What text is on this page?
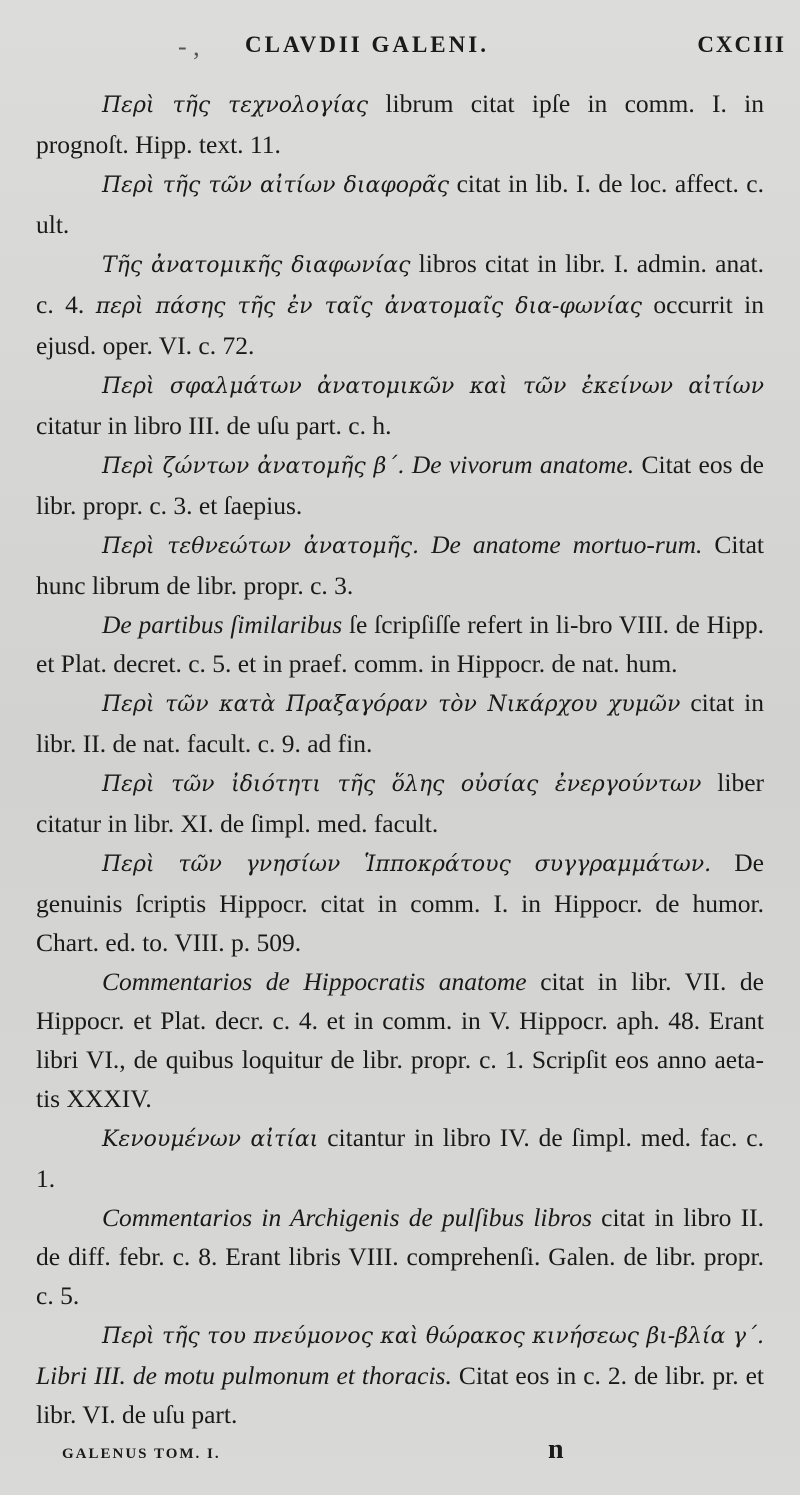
- , CLAVDII GALENI.	CXCIII

Περὶ τῆς τεχνολογίας librum citat ipſe in comm. I. in prognoſt. Hipp. text. 11.

Περὶ τῆς τῶν αἰτίων διαφορᾶς citat in lib. I. de loc. affect. c. ult.

Τῆς ἀνατομικῆς διαφωνίας libros citat in libr. I. admin. anat. c. 4. περὶ πάσης τῆς ἐν ταῖς ἀνατομαῖς δια-φωνίας occurrit in ejusd. oper. VI. c. 72.

Περὶ σφαλμάτων ἀνατομικῶν καὶ τῶν ἐκείνων αἰτίων citatur in libro III. de uſu part. c. h.

Περὶ ζώντων ἀνατομῆς β΄. De vivorum anatome. Citat eos de libr. propr. c. 3. et ſaepius.

Περὶ τεθνεώτων ἀνατομῆς. De anatome mortuo-rum. Citat hunc librum de libr. propr. c. 3.

De partibus ſimilaribus ſe ſcripſiſſe refert in li-bro VIII. de Hipp. et Plat. decret. c. 5. et in praef. comm. in Hippocr. de nat. hum.

Περὶ τῶν κατὰ Πραξαγόραν τὸν Νικάρχου χυμῶν citat in libr. II. de nat. facult. c. 9. ad fin.

Περὶ τῶν ἰδιότητι τῆς ὅλης οὐσίας ἐνεργούντων liber citatur in libr. XI. de ſimpl. med. facult.

Περὶ τῶν γνησίων Ἱπποκράτους συγγραμμάτων. De genuinis ſcriptis Hippocr. citat in comm. I. in Hippocr. de humor. Chart. ed. to. VIII. p. 509.

Commentarios de Hippocratis anatome citat in libr. VII. de Hippocr. et Plat. decr. c. 4. et in comm. in V. Hippocr. aph. 48. Erant libri VI., de quibus loquitur de libr. propr. c. 1. Scripſit eos anno aeta-tis XXXIV.

Κενουμένων αἰτίαι citantur in libro IV. de ſimpl. med. fac. c. 1.

Commentarios in Archigenis de pulſibus libros citat in libro II. de diff. febr. c. 8. Erant libris VIII. comprehenſi. Galen. de libr. propr. c. 5.

Περὶ τῆς του πνεύμονος καὶ θώρακος κινήσεως βι-βλία γ΄. Libri III. de motu pulmonum et thoracis. Citat eos in c. 2. de libr. pr. et libr. VI. de uſu part.

GALENUS TOM. I.	n
